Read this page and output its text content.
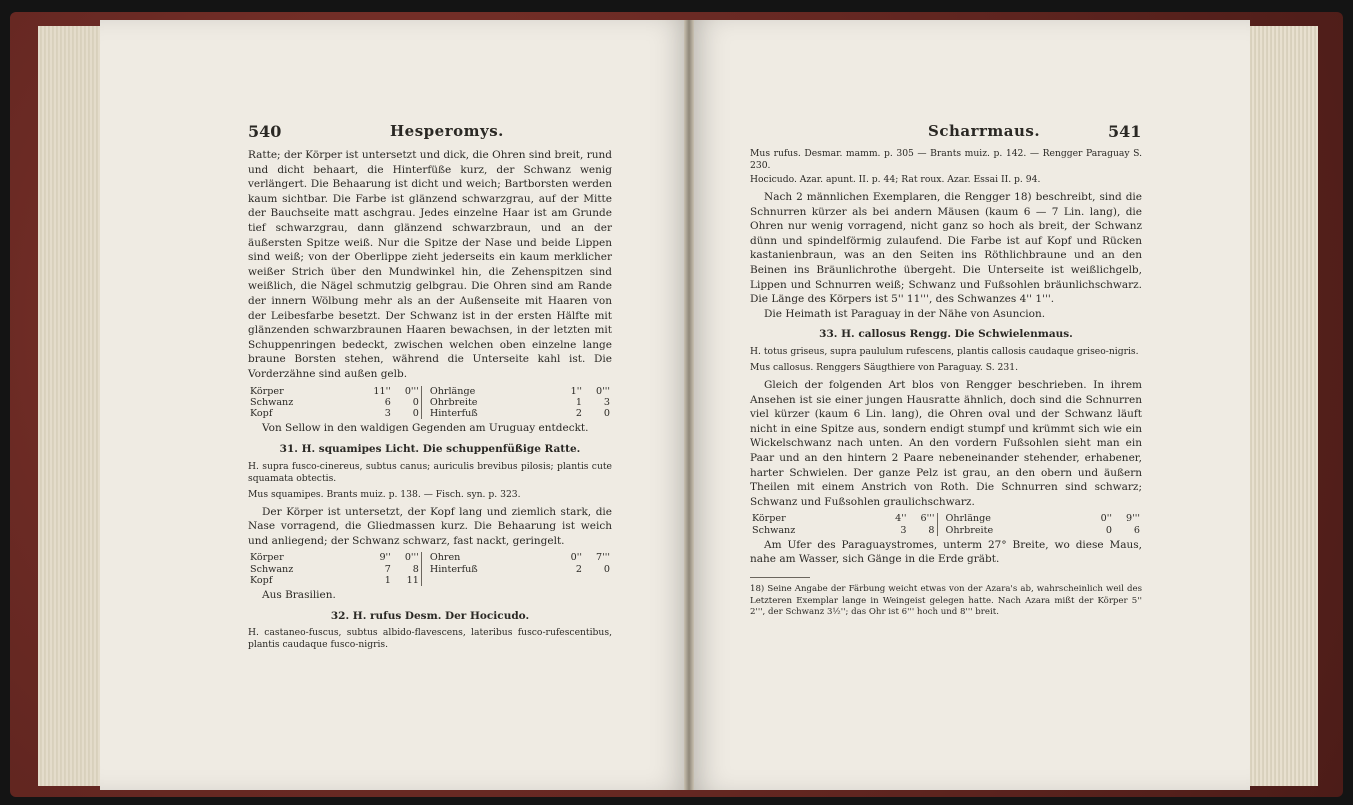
540	Hesperomys.

Ratte; der Körper ist untersetzt und dick, die Ohren sind breit, rund und dicht behaart, die Hinterfüße kurz, der Schwanz wenig verlängert. Die Behaarung ist dicht und weich; Bartborsten werden kaum sichtbar. Die Farbe ist glänzend schwarzgrau, auf der Mitte der Bauchseite matt aschgrau. Jedes einzelne Haar ist am Grunde tief schwarzgrau, dann glänzend schwarzbraun, und an der äußersten Spitze weiß. Nur die Spitze der Nase und beide Lippen sind weiß; von der Oberlippe zieht jederseits ein kaum merklicher weißer Strich über den Mundwinkel hin, die Zehenspitzen sind weißlich, die Nägel schmutzig gelbgrau. Die Ohren sind am Rande der innern Wölbung mehr als an der Außenseite mit Haaren von der Leibesfarbe besetzt. Der Schwanz ist in der ersten Hälfte mit glänzenden schwarzbraunen Haaren bewachsen, in der letzten mit Schuppenringen bedeckt, zwischen welchen oben einzelne lange braune Borsten stehen, während die Unterseite kahl ist. Die Vorderzähne sind außen gelb.

Körper	11''	0'''		Ohrlänge	1''	0'''
Schwanz	6	0		Ohrbreite	1	3
Kopf	3	0		Hinterfuß	2	0

Von Sellow in den waldigen Gegenden am Uruguay entdeckt.

31. H. squamipes Licht. Die schuppenfüßige Ratte.

H. supra fusco-cinereus, subtus canus; auriculis brevibus pilosis; plantis cute squamata obtectis.

Mus squamipes. Brants muiz. p. 138. — Fisch. syn. p. 323.

Der Körper ist untersetzt, der Kopf lang und ziemlich stark, die Nase vorragend, die Gliedmassen kurz. Die Behaarung ist weich und anliegend; der Schwanz schwarz, fast nackt, geringelt.

Körper	9''	0'''		Ohren	0''	7'''
Schwanz	7	8		Hinterfuß	2	0
Kopf	1	11				

Aus Brasilien.

32. H. rufus Desm. Der Hocicudo.

H. castaneo-fuscus, subtus albido-flavescens, lateribus fusco-rufescentibus, plantis caudaque fusco-nigris.

Scharrmaus.	541

Mus rufus. Desmar. mamm. p. 305 — Brants muiz. p. 142. — Rengger Paraguay S. 230.

Hocicudo. Azar. apunt. II. p. 44; Rat roux. Azar. Essai II. p. 94.

Nach 2 männlichen Exemplaren, die Rengger 18) beschreibt, sind die Schnurren kürzer als bei andern Mäusen (kaum 6 — 7 Lin. lang), die Ohren nur wenig vorragend, nicht ganz so hoch als breit, der Schwanz dünn und spindelförmig zulaufend. Die Farbe ist auf Kopf und Rücken kastanienbraun, was an den Seiten ins Röthlichbraune und an den Beinen ins Bräunlichrothe übergeht. Die Unterseite ist weißlichgelb, Lippen und Schnurren weiß; Schwanz und Fußsohlen bräunlichschwarz. Die Länge des Körpers ist 5'' 11''', des Schwanzes 4'' 1'''.

Die Heimath ist Paraguay in der Nähe von Asuncion.

33. H. callosus Rengg. Die Schwielenmaus.

H. totus griseus, supra paululum rufescens, plantis callosis caudaque griseo-nigris.

Mus callosus. Renggers Säugthiere von Paraguay. S. 231.

Gleich der folgenden Art blos von Rengger beschrieben. In ihrem Ansehen ist sie einer jungen Hausratte ähnlich, doch sind die Schnurren viel kürzer (kaum 6 Lin. lang), die Ohren oval und der Schwanz läuft nicht in eine Spitze aus, sondern endigt stumpf und krümmt sich wie ein Wickelschwanz nach unten. An den vordern Fußsohlen sieht man ein Paar und an den hintern 2 Paare nebeneinander stehender, erhabener, harter Schwielen. Der ganze Pelz ist grau, an den obern und äußern Theilen mit einem Anstrich von Roth. Die Schnurren sind schwarz; Schwanz und Fußsohlen graulichschwarz.

Körper	4''	6'''		Ohrlänge	0''	9'''
Schwanz	3	8		Ohrbreite	0	6

Am Ufer des Paraguaystromes, unterm 27° Breite, wo diese Maus, nahe am Wasser, sich Gänge in die Erde gräbt.

18) Seine Angabe der Färbung weicht etwas von der Azara's ab, wahrscheinlich weil des Letzteren Exemplar lange in Weingeist gelegen hatte. Nach Azara mißt der Körper 5'' 2''', der Schwanz 3½''; das Ohr ist 6''' hoch und 8''' breit.
